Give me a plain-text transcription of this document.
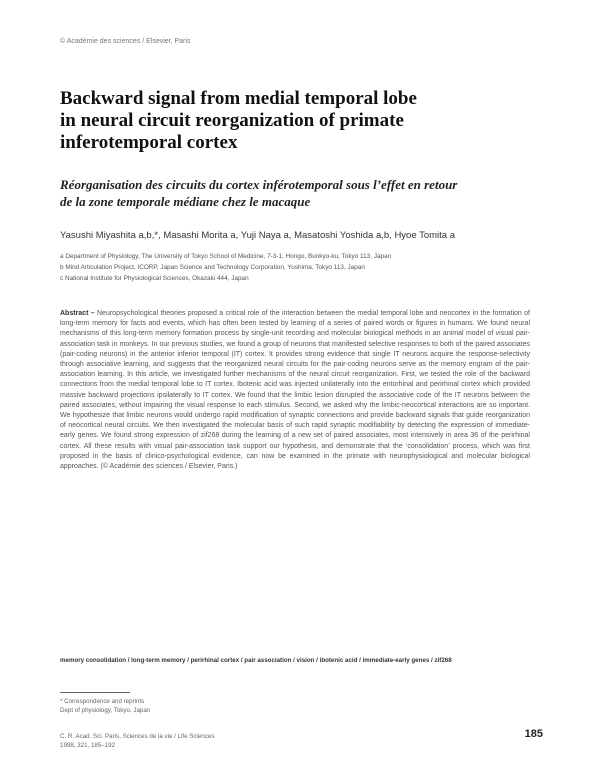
© Académie des sciences / Elsevier, Paris
Backward signal from medial temporal lobe
in neural circuit reorganization of primate
inferotemporal cortex
Réorganisation des circuits du cortex inférotemporal sous l’effet en retour
de la zone temporale médiane chez le macaque

Yasushi Miyashita a,b,*, Masashi Morita a, Yuji Naya a, Masatoshi Yoshida a,b, Hyoe Tomita a

a Department of Physiology, The University of Tokyo School of Medicine, 7-3-1, Hongo, Bunkyo-ku, Tokyo 113, Japan
b Mind Articulation Project, ICORP, Japan Science and Technology Corporation, Yushima, Tokyo 113, Japan
c National Institute for Physiological Sciences, Okazaki 444, Japan

Abstract – Neuropsychological theories proposed a critical role of the interaction between the medial temporal lobe and neocortex in the formation of long-term memory for facts and events, which has often been tested by learning of a series of paired words or figures in humans. We found neural mechanisms of this long-term memory formation process by single-unit recording and molecular biological methods in an animal model of visual pair-association task in monkeys. In our previous studies, we found a group of neurons that manifested selective responses to both of the paired associates (pair-coding neurons) in the anterior inferior temporal (IT) cortex. It provides strong evidence that single IT neurons acquire the response-selectivity through associative learning, and suggests that the reorganized neural circuits for the pair-coding neurons serve as the memory engram of the pair-association learning. In this article, we investigated further mechanisms of the neural circuit reorganization. First, we tested the role of the backward connections from the medial temporal lobe to IT cortex. Ibotenic acid was injected unilaterally into the entorhinal and perirhinal cortex which provided massive backward projections ipsilaterally to IT cortex. We found that the limbic lesion disrupted the associative code of the IT neurons between the paired associates, without impairing the visual response to each stimulus. Second, we asked why the limbic-neocortical interactions are so important. We hypothesize that limbic neurons would undergo rapid modification of synaptic connections and provide backward signals that guide reorganization of neocortical neural circuits. We then investigated the molecular basis of such rapid synaptic modifiability by detecting the expression of immediate-early genes. We found strong expression of zif268 during the learning of a new set of paired associates, most intensively in area 36 of the perirhinal cortex. All these results with visual pair-association task support our hypothesis, and demonstrate that the ‘consolidation’ process, which was first proposed in the basis of clinico-psychological evidence, can now be examined in the primate with neurophysiological and molecular biological approaches. (© Académie des sciences / Elsevier, Paris.)

memory consolidation / long-term memory / perirhinal cortex / pair association / vision / ibotenic acid / immediate-early genes / zif268

* Correspondence and reprints
Dept of physiology, Tokyo, Japan
C. R. Acad. Sci. Paris, Sciences de la vie / Life Sciences
1998, 321, 185–192
185
